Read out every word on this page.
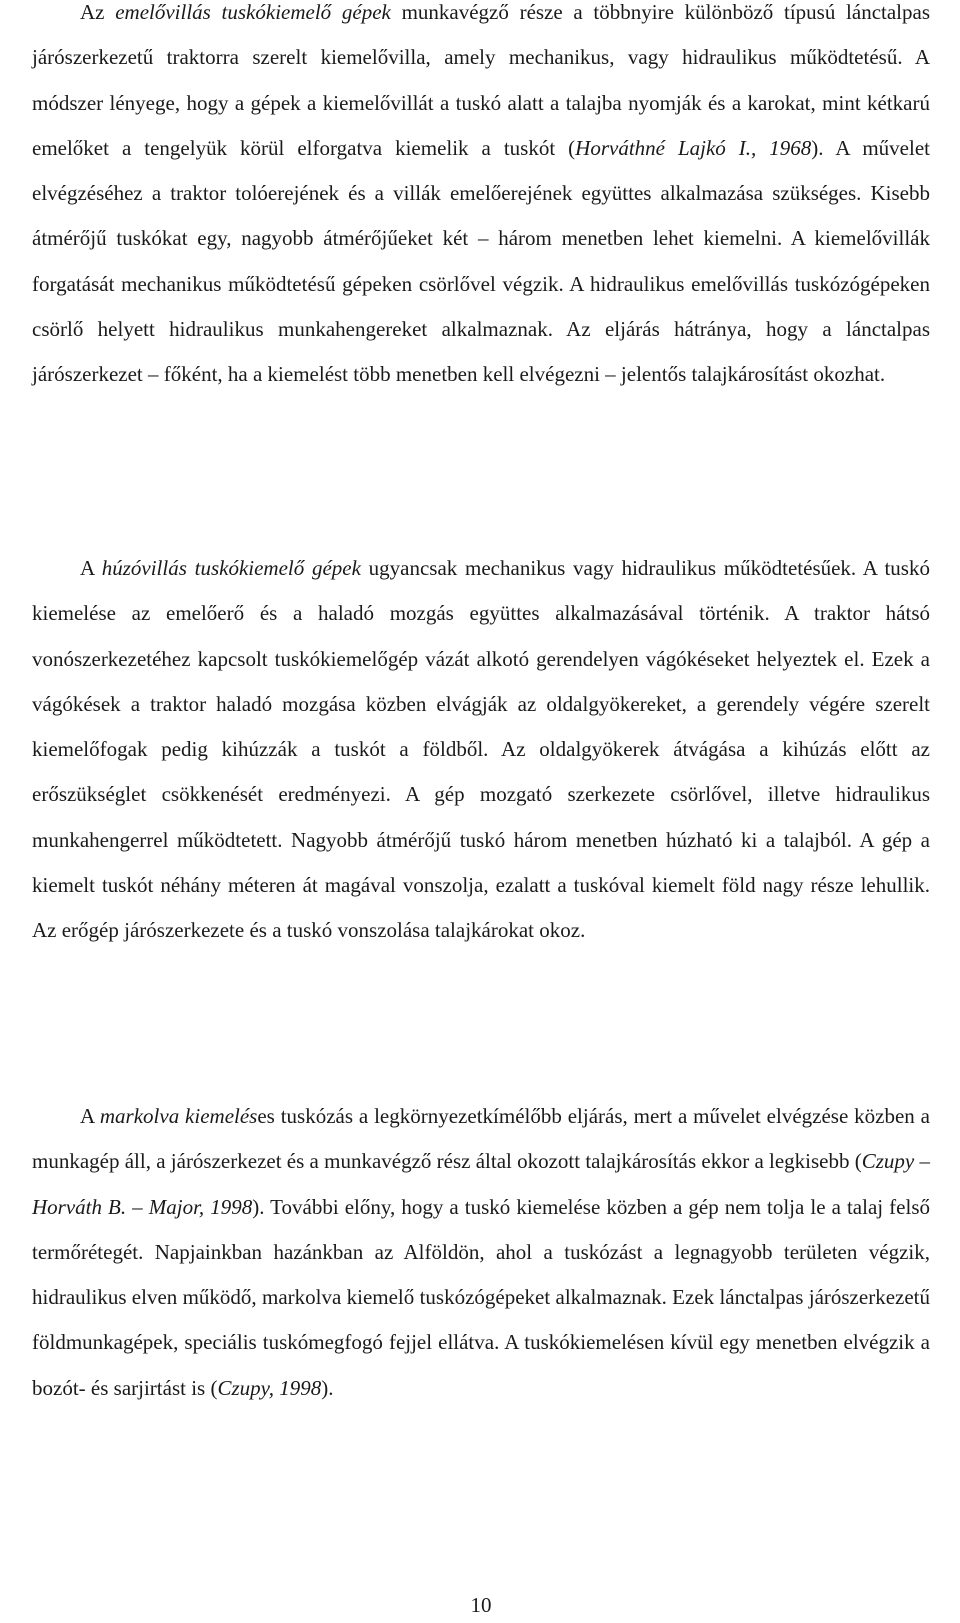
Az emelővillás tuskókiemelő gépek munkavégző része a többnyire különböző típusú lánctalpas járószerkezetű traktorra szerelt kiemelővilla, amely mechanikus, vagy hidraulikus működtetésű. A módszer lényege, hogy a gépek a kiemelővillát a tuskó alatt a talajba nyomják és a karokat, mint kétkarú emelőket a tengelyük körül elforgatva kiemelik a tuskót (Horváthné Lajkó I., 1968). A művelet elvégzéséhez a traktor tolóerejének és a villák emelőerejének együttes alkalmazása szükséges. Kisebb átmérőjű tuskókat egy, nagyobb átmérőjűeket két – három menetben lehet kiemelni. A kiemelővillák forgatását mechanikus működtetésű gépeken csörlővel végzik. A hidraulikus emelővillás tuskózógépeken csörlő helyett hidraulikus munkahengereket alkalmaznak. Az eljárás hátránya, hogy a lánctalpas járószerkezet – főként, ha a kiemelést több menetben kell elvégezni – jelentős talajkárosítást okozhat.

A húzóvillás tuskókiemelő gépek ugyancsak mechanikus vagy hidraulikus működtetésűek. A tuskó kiemelése az emelőerő és a haladó mozgás együttes alkalmazásával történik. A traktor hátsó vonószerkezetéhez kapcsolt tuskókiemelőgép vázát alkotó gerendelyen vágókéseket helyeztek el. Ezek a vágókések a traktor haladó mozgása közben elvágják az oldalgyökereket, a gerendely végére szerelt kiemelőfogak pedig kihúzzák a tuskót a földből. Az oldalgyökerek átvágása a kihúzás előtt az erőszükséglet csökkenését eredményezi. A gép mozgató szerkezete csörlővel, illetve hidraulikus munkahengerrel működtetett. Nagyobb átmérőjű tuskó három menetben húzható ki a talajból. A gép a kiemelt tuskót néhány méteren át magával vonszolja, ezalatt a tuskóval kiemelt föld nagy része lehullik. Az erőgép járószerkezete és a tuskó vonszolása talajkárokat okoz.

A markolva kiemeléses tuskózás a legkörnyezetkímélőbb eljárás, mert a művelet elvégzése közben a munkagép áll, a járószerkezet és a munkavégző rész által okozott talajkárosítás ekkor a legkisebb (Czupy – Horváth B. – Major, 1998). További előny, hogy a tuskó kiemelése közben a gép nem tolja le a talaj felső termőrétegét. Napjainkban hazánkban az Alföldön, ahol a tuskózást a legnagyobb területen végzik, hidraulikus elven működő, markolva kiemelő tuskózógépeket alkalmaznak. Ezek lánctalpas járószerkezetű földmunkagépek, speciális tuskómegfogó fejjel ellátva. A tuskókiemelésen kívül egy menetben elvégzik a bozót- és sarjirtást is (Czupy, 1998).

10
